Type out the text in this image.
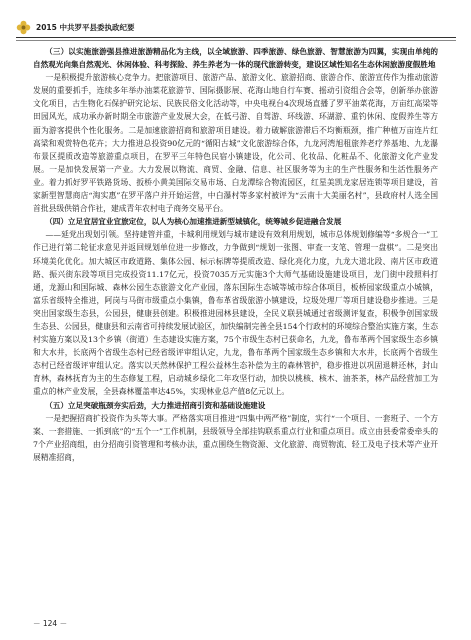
2015 中共罗平县委执政纪要

（三）以实施旅游强县推进旅游精品化为主线，以全域旅游、四季旅游、绿色旅游、智慧旅游为四翼，实现由单纯的自然观光向集自然观光、休闲体验、科考探险、养生养老为一体的现代旅游转变，建设区域性知名生态休闲旅游度假胜地

一是积极提升旅游核心竞争力。把旅游项目、旅游产品、旅游文化、旅游招商、旅游合作、旅游宣传作为推动旅游发展的重要抓手，连续多年举办油菜花旅游节、国际摄影展、花海山地自行车赛、摇动引资组合会等，创新举办旅游文化项目，古生物化石保护研究论坛、民族民俗文化活动等，中央电视台4次现场直播了罗平油菜花海，万亩红高梁等田园风光，成功承办新时期全市旅游产业发展大会，在低弓游、自驾游、环线游、环湖游、重钓休闲、度假养生等方面为游客提供个性化服务。二是加速旅游招商和旅游项目建设。着力破解旅游滞后不均衡瓶颈，推广种植万亩连片红高梁和观赏特色花卉；大力推进总投资90亿元的“循阳古城”文化旅游综合体，九龙河湾旭租旅养老疗养基地、九龙瀑布景区提质改造等旅游重点项目，在罗平三年特色民宿小镇建设，化公司、化妆品、化粧品不、化旅游文化产业发展。一是加快发展第一产业。大力发展以物流、商贸、金融、信息、社区服务等为主的生产性服务和生活性服务产业。着力抓好罗平铁路货场、扳桥小黄美国际交易市场、白龙潭综合物流园区，红星美凯龙家居连锁等项目建设，首家新型智慧商店“淘实惠”在罗平落户并开始运营，中白瀑村等多家村被评为“云南十大美丽名村”，县政府村人选全国首批县级供销合作社，建成青年农村电子商务交易平台。

（四）立足宜居宜业宜旅定位，以人为核心加速推进新型城镇化，统筹城乡促进融合发展

——延党出现划引领。坚持建管并重，卡城利用规划与城市建设有效利用规划，城市总体规划修编等“多规合一”工作已进行第二轮征求意见并返回规划单位进一步修改，力争做到“规划一张图、审查一支笔、管理一盘棋”。二是突出环境美化优化。加大城区市政道路、集体公园、标示标牌等提质改造、绿化亮化力度，九龙大道北段、南片区市政道路、振兴街东段等项目完成投资11.17亿元，投资7035万元实施3个大师气基础设施建设项目，龙门街中段照料打通，龙源山和国际城、森林公园生态旅游文化产业园，落东国际生态城等城市综合体项目，板桥园家级重点小城镇，富乐省级特全推进，阿岗与马街市级重点小集镇，鲁布革省级旅游小镇建设，垃圾处理厂等项目建设稳步推进。三是突出国家级生态县，公园县，健康县创建。积极推进园林县建设，全民义联县城通过省级测评复查，积极争创国家级生态县、公园县，健康县和云南省可持续发展试验区，加快编制完善全县154个行政村的环境综合整治实施方案，生态村实施方案以及13个乡镇（街道）生态建设实施方案，75个市级生态村已获命名，九龙，鲁布革两个国家级生态乡镇和大水井，长底两个省级生态村已经省级评审组认定，九龙，鲁布革两个国家级生态乡镇和大水井，长底两个省级生态村已经省级评审组认定。落实以天然林保护工程公益林生态补偿为主的森林管护，稳步推进以巩固退耕还林，封山育林，森林抚育为主的生态修复工程，启动城乡绿化二年攻坚行动，加快以桃核、核木、油茶茶，林产品经营加工为重点的林产业发展，全县森林覆盖率达45%，实现林业总产值8亿元以上。

（五）立足突破瓶颈夯实后劲，大力推进招商引资和基础设施建设

一是把握招商扩投资作为头等大事。严格落实项目推进“四集中两严格”制度，实行“一个项目、一套班子、一个方案、一套措施、一抓到底”的“五个一”工作机制，县级领导全部挂钩联系重点行业和重点项目。成立由县委常委牵头的7个产业招商组，由分招商引资管理和考核办法，重点围绕生物资源、文化旅游、商贸物流、轻工及电子技术等产业开展精准招商，

－ 124 －
